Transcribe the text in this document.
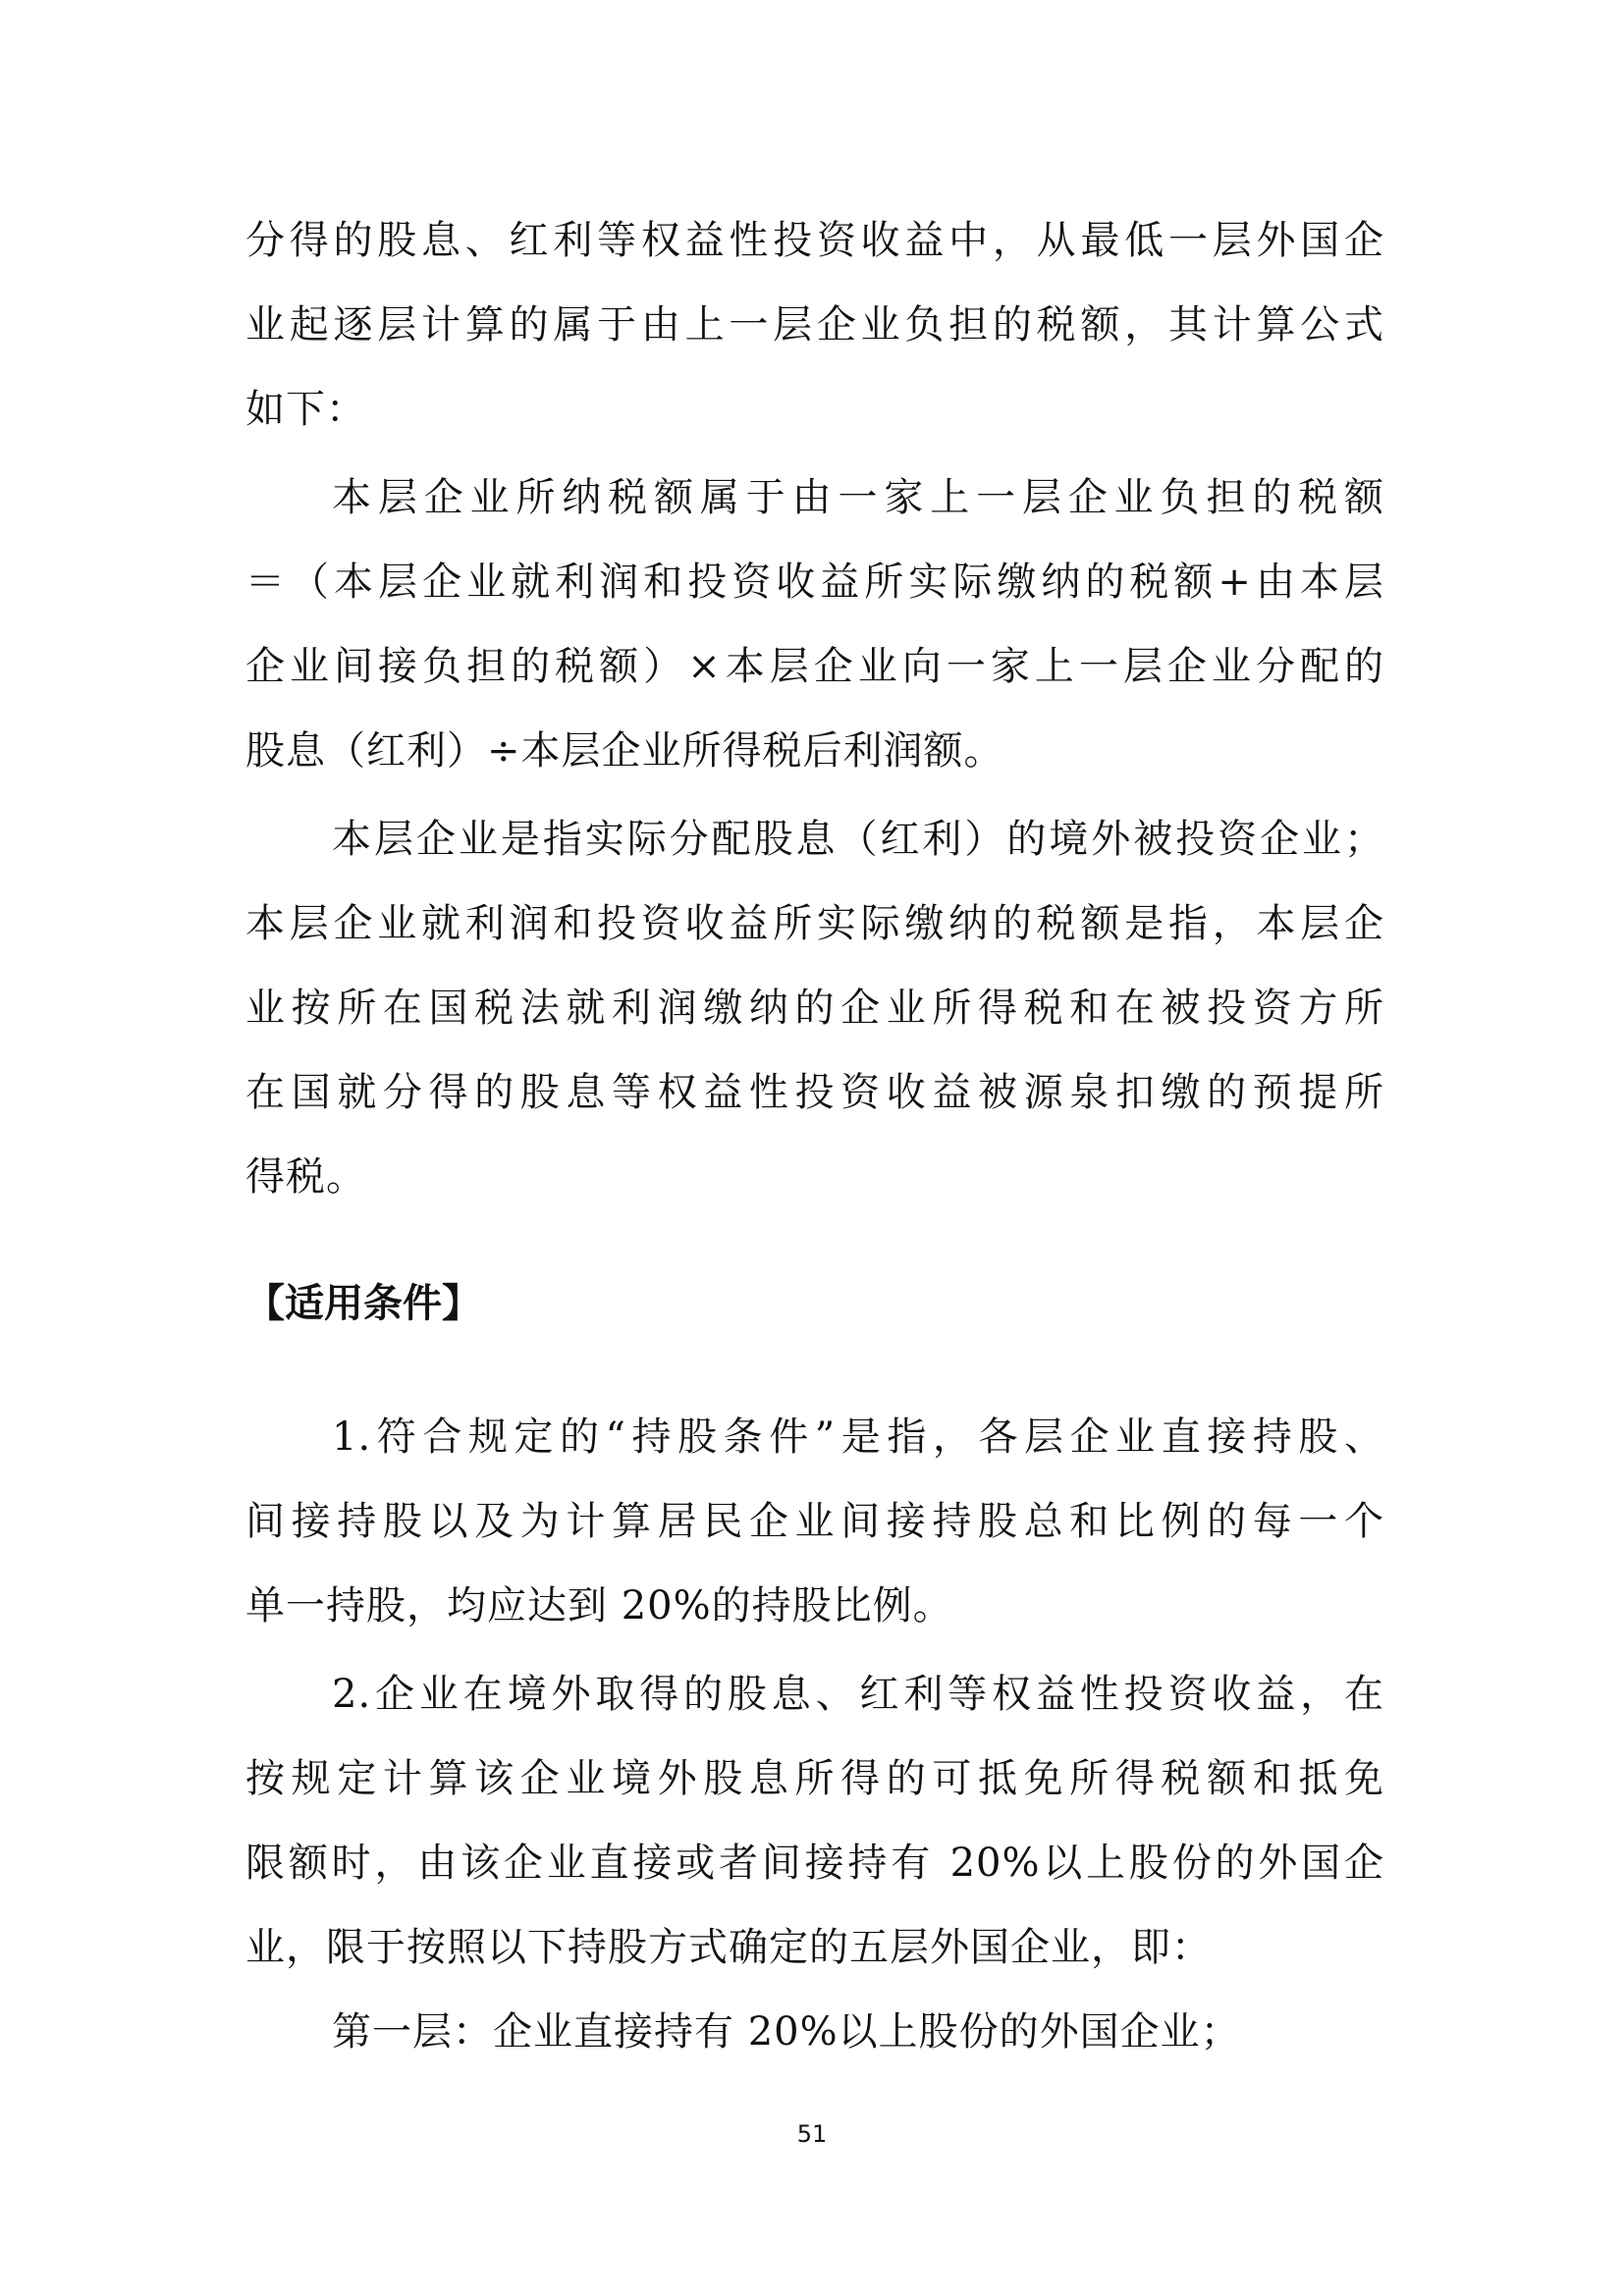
分得的股息、红利等权益性投资收益中，从最低一层外国企
业起逐层计算的属于由上一层企业负担的税额，其计算公式
如下：
本层企业所纳税额属于由一家上一层企业负担的税额
＝（本层企业就利润和投资收益所实际缴纳的税额+由本层
企业间接负担的税额）×本层企业向一家上一层企业分配的
股息（红利）÷本层企业所得税后利润额。
本层企业是指实际分配股息（红利）的境外被投资企业；
本层企业就利润和投资收益所实际缴纳的税额是指，本层企
业按所在国税法就利润缴纳的企业所得税和在被投资方所
在国就分得的股息等权益性投资收益被源泉扣缴的预提所
得税。
【适用条件】
1.符合规定的“持股条件”是指，各层企业直接持股、
间接持股以及为计算居民企业间接持股总和比例的每一个
单一持股，均应达到 20%的持股比例。
2.企业在境外取得的股息、红利等权益性投资收益，在
按规定计算该企业境外股息所得的可抵免所得税额和抵免
限额时，由该企业直接或者间接持有 20%以上股份的外国企
业，限于按照以下持股方式确定的五层外国企业，即：
第一层：企业直接持有 20%以上股份的外国企业；
51
